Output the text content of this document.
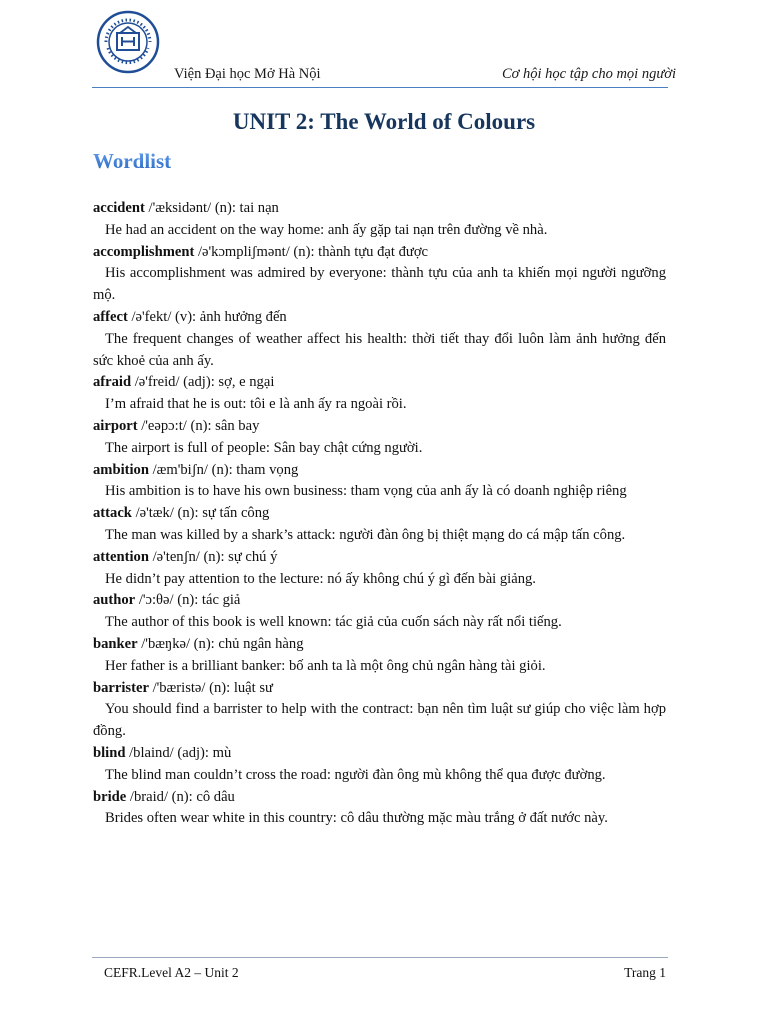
Viện Đại học Mở Hà Nội	Cơ hội học tập cho mọi người
UNIT 2: The World of Colours
Wordlist

accident /'æksidənt/ (n): tai nạn

He had an accident on the way home: anh ấy gặp tai nạn trên đường về nhà.

accomplishment /ə'kɔmpliʃmənt/ (n): thành tựu đạt được

His accomplishment was admired by everyone: thành tựu của anh ta khiến mọi người ngưỡng mộ.

affect /ə'fekt/ (v): ảnh hưởng đến

The frequent changes of weather affect his health: thời tiết thay đổi luôn làm ảnh hưởng đến sức khoẻ của anh ấy.

afraid /ə'freid/ (adj): sợ, e ngại

I’m afraid that he is out: tôi e là anh ấy ra ngoài rồi.

airport /'eəpɔ:t/ (n): sân bay

The airport is full of people: Sân bay chật cứng người.

ambition /æm'biʃn/ (n): tham vọng

His ambition is to have his own business: tham vọng của anh ấy là có doanh nghiệp riêng

attack /ə'tæk/ (n): sự tấn công

The man was killed by a shark’s attack: người đàn ông bị thiệt mạng do cá mập tấn công.

attention /ə'tenʃn/ (n): sự chú ý

He didn’t pay attention to the lecture: nó ấy không chú ý gì đến bài giảng.

author /'ɔ:θə/ (n): tác giả

The author of this book is well known: tác giả của cuốn sách này rất nổi tiếng.

banker /'bæŋkə/ (n): chủ ngân hàng

Her father is a brilliant banker: bố anh ta là một ông chủ ngân hàng tài giỏi.

barrister /'bæristə/ (n): luật sư

You should find a barrister to help with the contract: bạn nên tìm luật sư giúp cho việc làm hợp đồng.

blind /blaind/ (adj): mù

The blind man couldn’t cross the road: người đàn ông mù không thể qua được đường.

bride /braid/ (n): cô dâu

Brides often wear white in this country: cô dâu thường mặc màu trắng ở đất nước này.

CEFR.Level A2 – Unit 2	Trang 1
